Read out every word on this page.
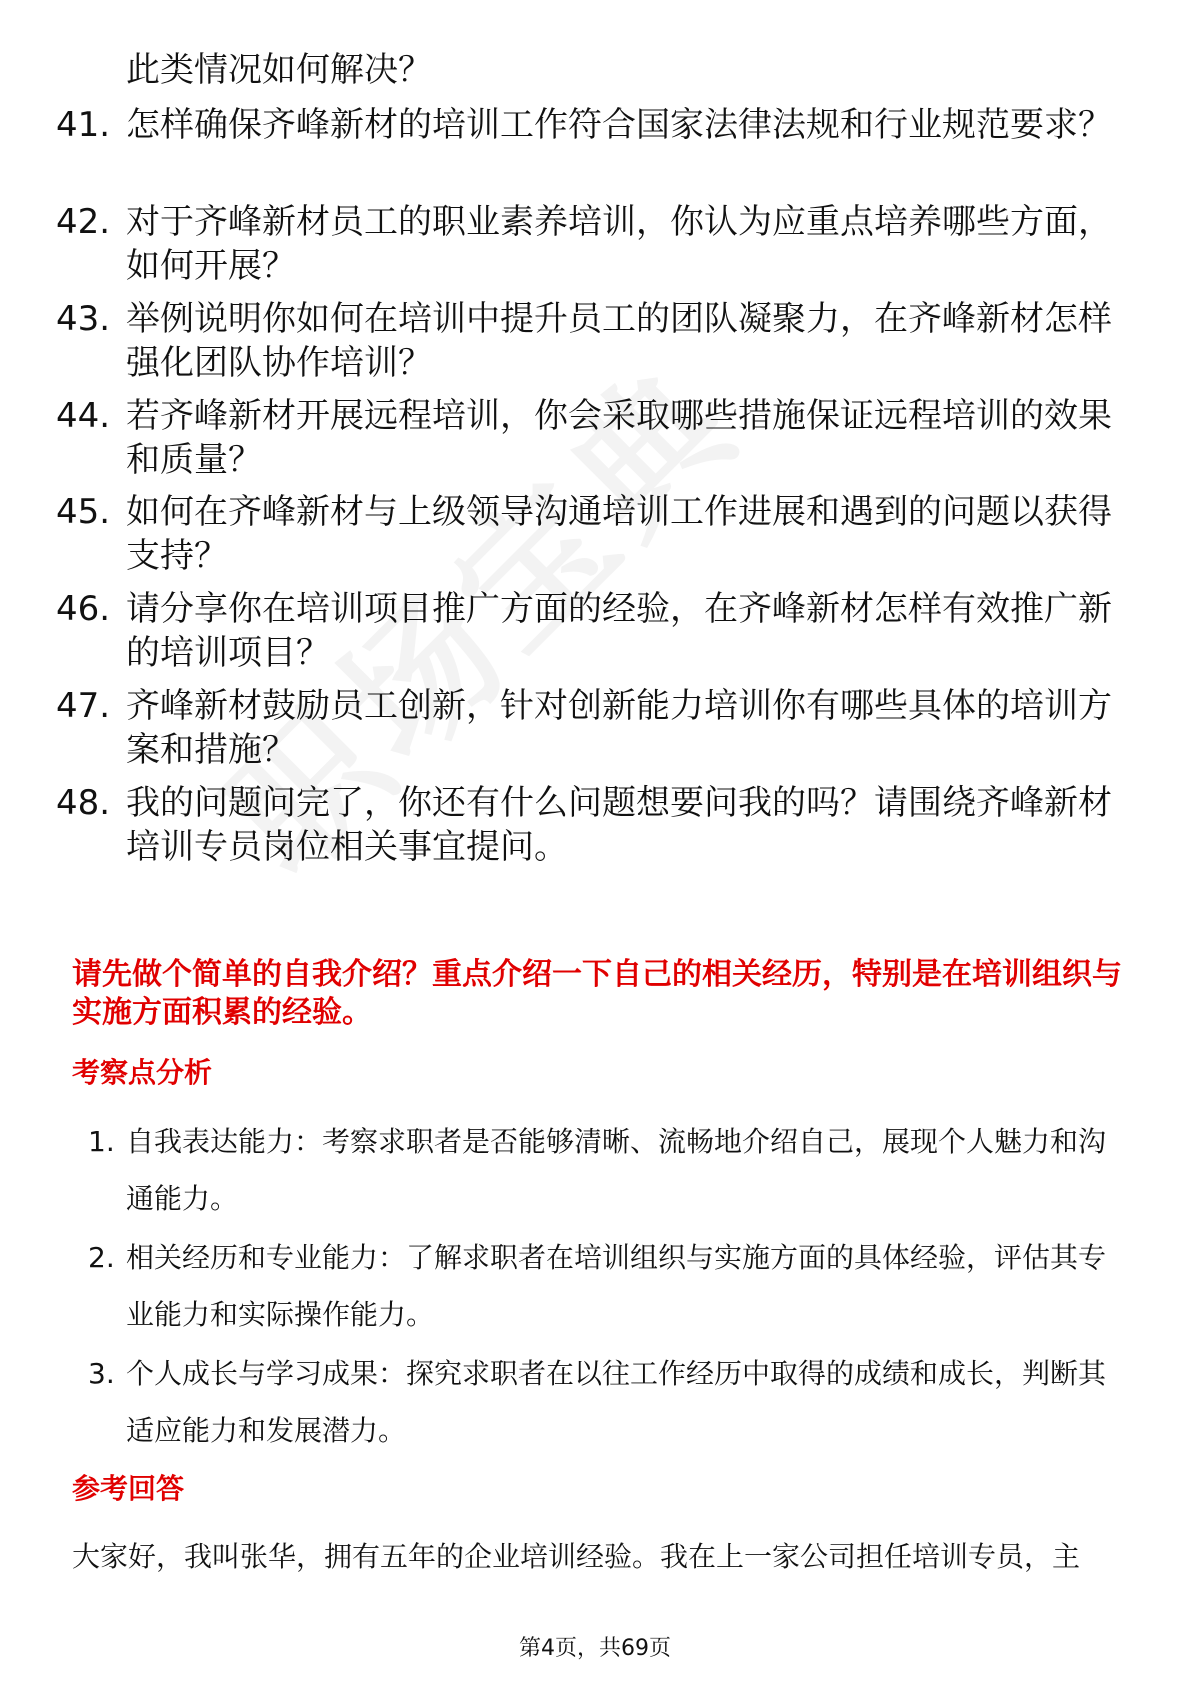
此类情况如何解决？
41. 怎样确保齐峰新材的培训工作符合国家法律法规和行业规范要求？
42. 对于齐峰新材员工的职业素养培训，你认为应重点培养哪些方面，如何开展？
43. 举例说明你如何在培训中提升员工的团队凝聚力，在齐峰新材怎样强化团队协作培训？
44. 若齐峰新材开展远程培训，你会采取哪些措施保证远程培训的效果和质量？
45. 如何在齐峰新材与上级领导沟通培训工作进展和遇到的问题以获得支持？
46. 请分享你在培训项目推广方面的经验，在齐峰新材怎样有效推广新的培训项目？
47. 齐峰新材鼓励员工创新，针对创新能力培训你有哪些具体的培训方案和措施？
48. 我的问题问完了，你还有什么问题想要问我的吗？请围绕齐峰新材培训专员岗位相关事宜提问。
请先做个简单的自我介绍？重点介绍一下自己的相关经历，特别是在培训组织与实施方面积累的经验。
考察点分析
1. 自我表达能力：考察求职者是否能够清晰、流畅地介绍自己，展现个人魅力和沟通能力。
2. 相关经历和专业能力：了解求职者在培训组织与实施方面的具体经验，评估其专业能力和实际操作能力。
3. 个人成长与学习成果：探究求职者在以往工作经历中取得的成绩和成长，判断其适应能力和发展潜力。
参考回答
大家好，我叫张华，拥有五年的企业培训经验。我在上一家公司担任培训专员，主
第4页，共69页
